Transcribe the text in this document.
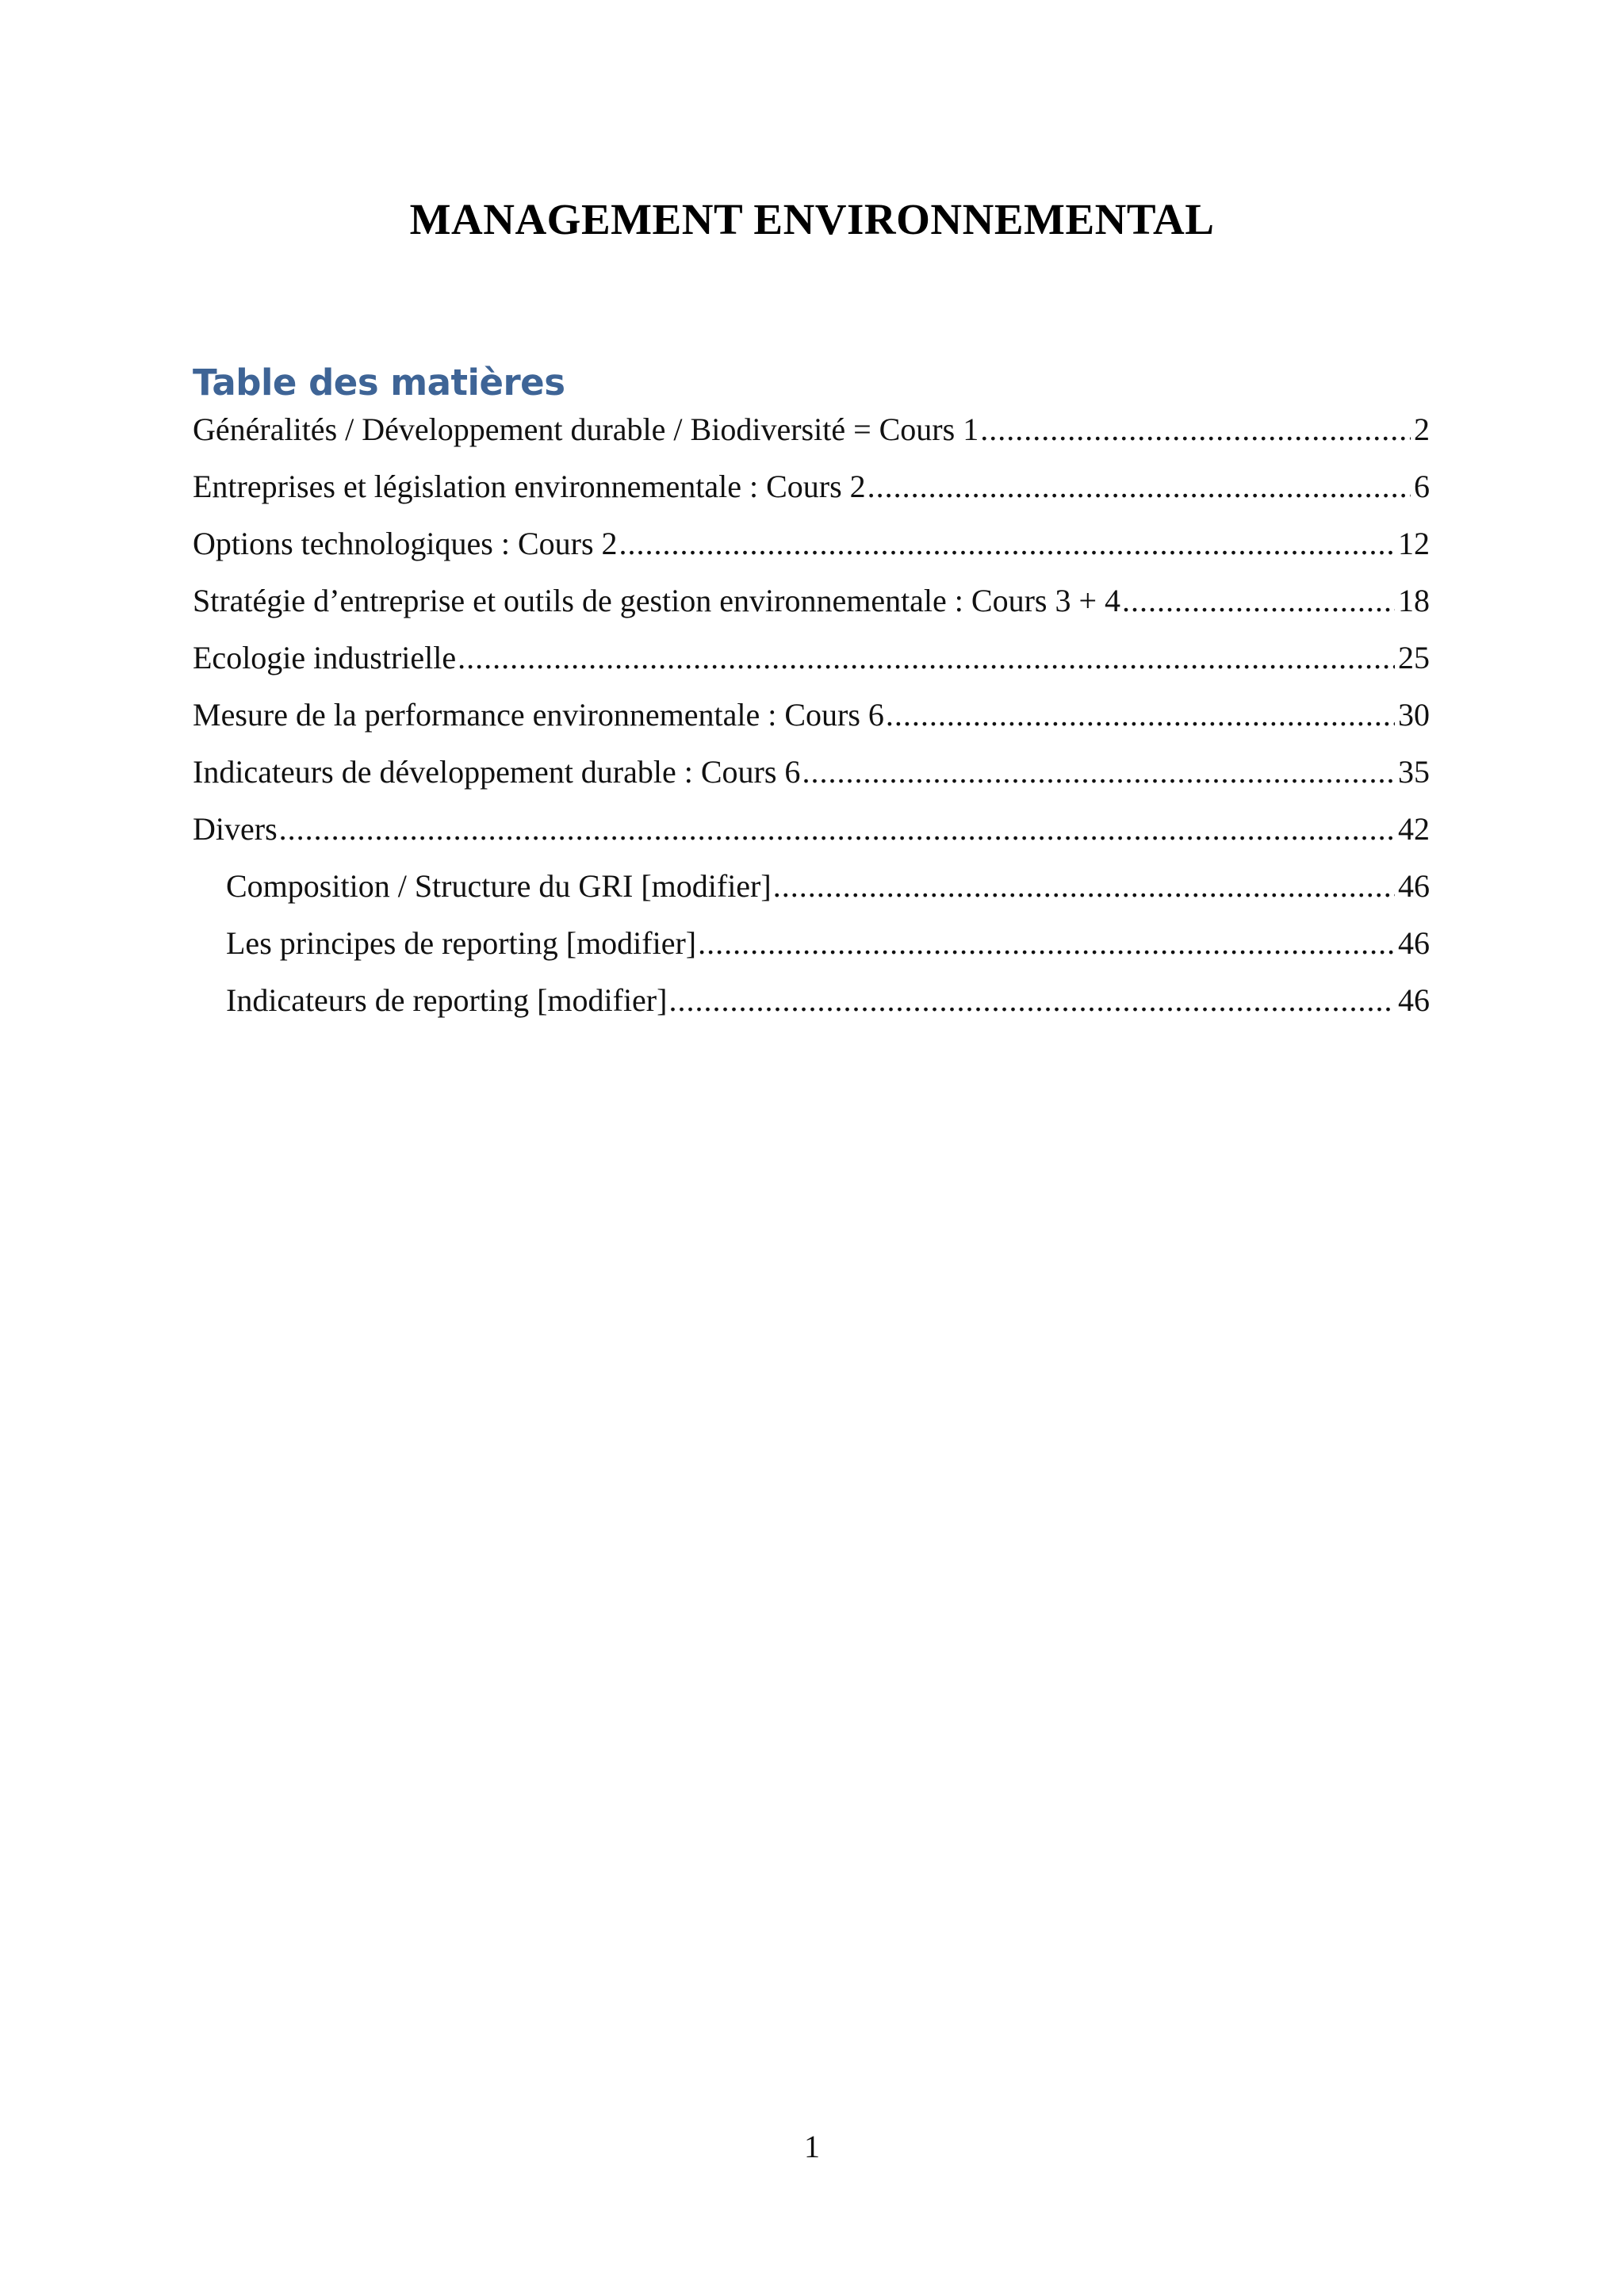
MANAGEMENT ENVIRONNEMENTAL
Table des matières
Généralités / Développement durable / Biodiversité = Cours 1 .....	2
Entreprises et législation environnementale : Cours 2 .....	6
Options technologiques : Cours 2 .....	12
Stratégie d’entreprise et outils de gestion environnementale : Cours 3 + 4 .....	18
Ecologie industrielle .....	25
Mesure de la performance environnementale : Cours 6 .....	30
Indicateurs de développement durable : Cours 6 .....	35
Divers .....	42
Composition / Structure du GRI [modifier] .....	46
Les principes de reporting [modifier] .....	46
Indicateurs de reporting [modifier] .....	46
1
